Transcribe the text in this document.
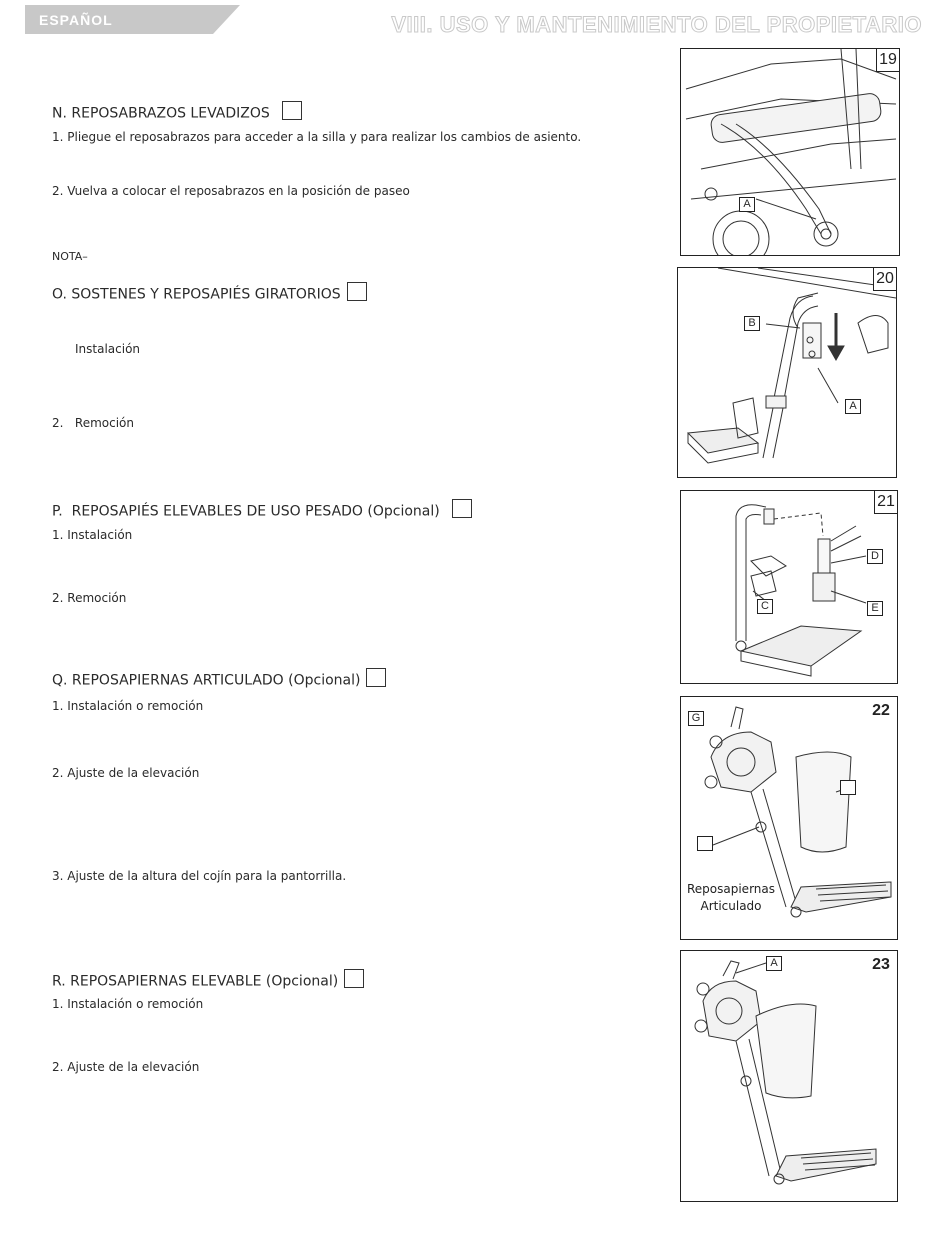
ESPAÑOL	VIII. USO Y MANTENIMIENTO DEL PROPIETARIO
N. REPOSABRAZOS LEVADIZOS
1. Pliegue el reposabrazos para acceder a la silla y para realizar los cambios de asiento.
2. Vuelva a colocar el reposabrazos en la posición de paseo
NOTA–
O. SOSTENES Y REPOSAPIÉS GIRATORIOS
Instalación
2.   Remoción
P.  REPOSAPIÉS ELEVABLES DE USO PESADO (Opcional)
1. Instalación
2. Remoción
Q. REPOSAPIERNAS ARTICULADO (Opcional)
1. Instalación o remoción
2. Ajuste de la elevación
3. Ajuste de la altura del cojín para la pantorrilla.
R. REPOSAPIERNAS ELEVABLE (Opcional)
1. Instalación o remoción
2. Ajuste de la elevación
19
A
20
B
A
21
D
C	E
22
G
Reposapiernas
Articulado
23
A
